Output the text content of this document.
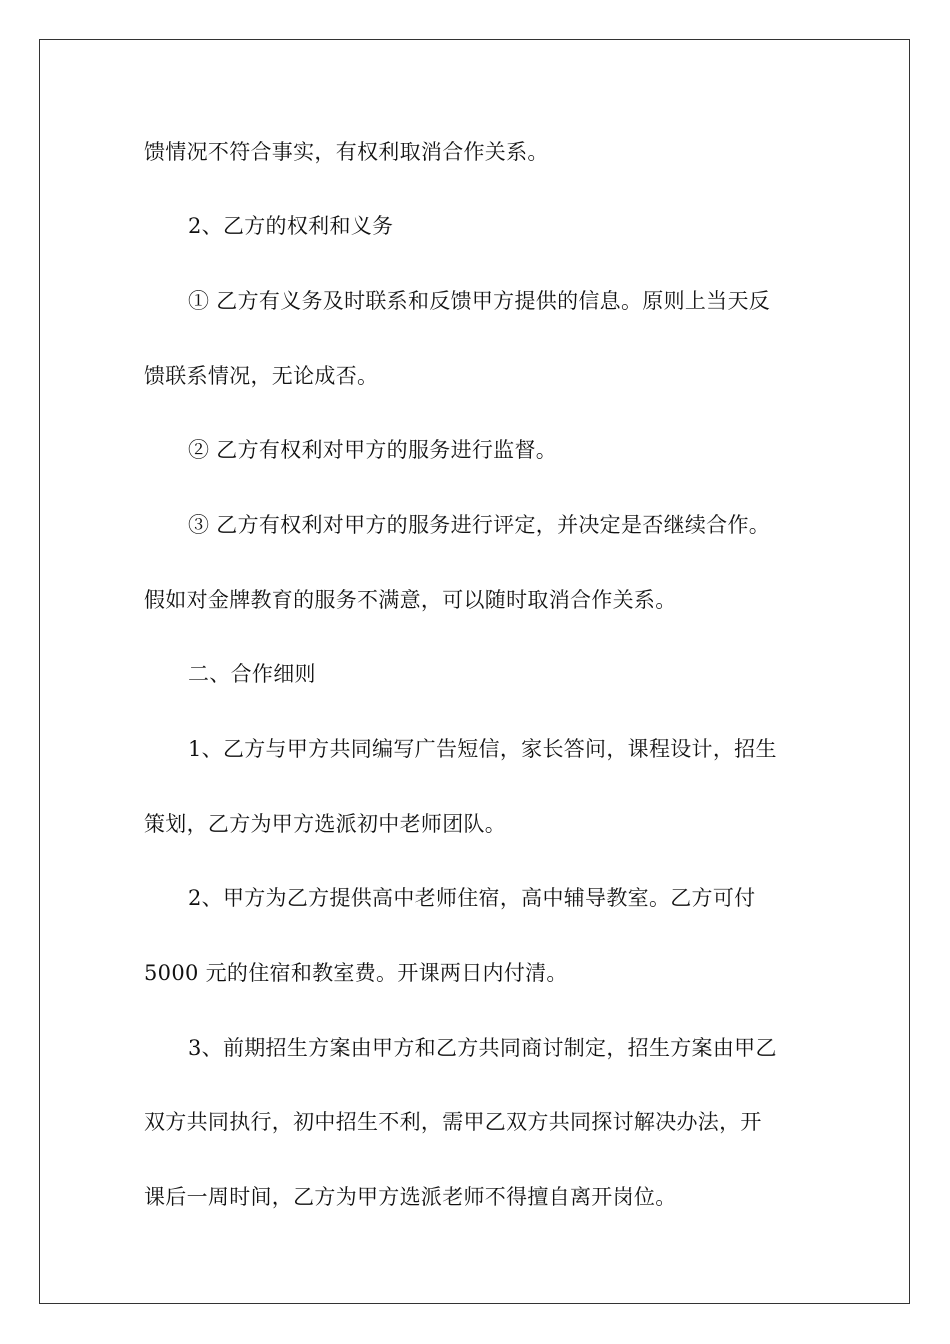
馈情况不符合事实，有权利取消合作关系。
2、乙方的权利和义务
① 乙方有义务及时联系和反馈甲方提供的信息。原则上当天反
馈联系情况，无论成否。
② 乙方有权利对甲方的服务进行监督。
③ 乙方有权利对甲方的服务进行评定，并决定是否继续合作。
假如对金牌教育的服务不满意，可以随时取消合作关系。
二、合作细则
1、乙方与甲方共同编写广告短信，家长答问，课程设计，招生
策划，乙方为甲方选派初中老师团队。
2、甲方为乙方提供高中老师住宿，高中辅导教室。乙方可付
5000 元的住宿和教室费。开课两日内付清。
3、前期招生方案由甲方和乙方共同商讨制定，招生方案由甲乙
双方共同执行，初中招生不利，需甲乙双方共同探讨解决办法，开
课后一周时间，乙方为甲方选派老师不得擅自离开岗位。
